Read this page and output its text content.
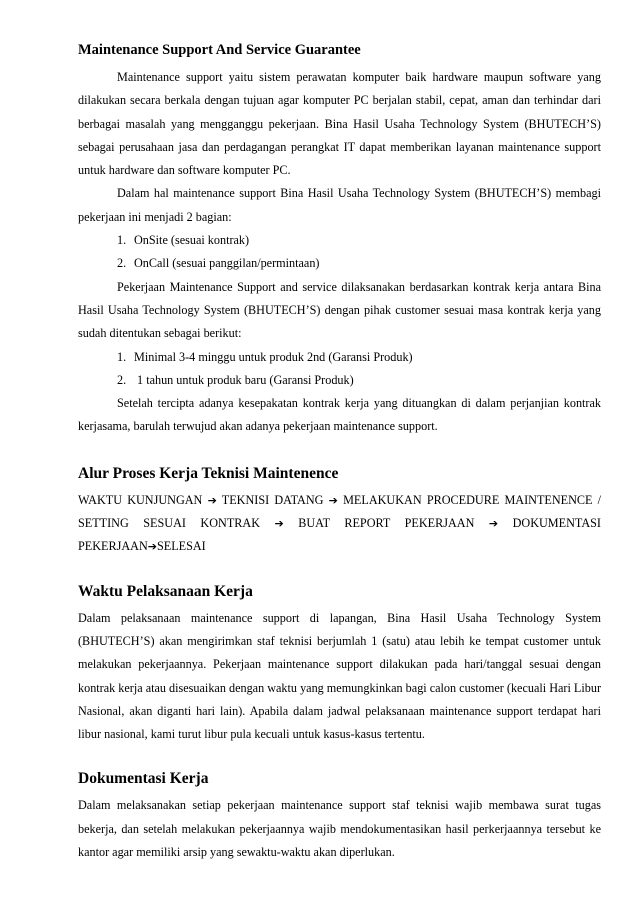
Maintenance Support And Service Guarantee

Maintenance support yaitu sistem perawatan komputer baik hardware maupun software yang dilakukan secara berkala dengan tujuan agar komputer PC berjalan stabil, cepat, aman dan terhindar dari berbagai masalah yang mengganggu pekerjaan. Bina Hasil Usaha Technology System (BHUTECH’S) sebagai perusahaan jasa dan perdagangan perangkat IT dapat memberikan layanan maintenance support untuk hardware dan software komputer PC.

Dalam hal maintenance support Bina Hasil Usaha Technology System (BHUTECH’S) membagi pekerjaan ini menjadi 2 bagian:

1. OnSite (sesuai kontrak)
2. OnCall (sesuai panggilan/permintaan)

Pekerjaan Maintenance Support and service dilaksanakan berdasarkan kontrak kerja antara Bina Hasil Usaha Technology System (BHUTECH’S) dengan pihak customer sesuai masa kontrak kerja yang sudah ditentukan sebagai berikut:

1. Minimal 3-4 minggu untuk produk 2nd (Garansi Produk)
2. 1 tahun untuk produk baru (Garansi Produk)

Setelah tercipta adanya kesepakatan kontrak kerja yang dituangkan di dalam perjanjian kontrak kerjasama, barulah terwujud akan adanya pekerjaan maintenance support.

Alur Proses Kerja Teknisi Maintenence
WAKTU KUNJUNGAN ➔ TEKNISI DATANG ➔ MELAKUKAN PROCEDURE MAINTENENCE / SETTING SESUAI KONTRAK ➔ BUAT REPORT PEKERJAAN ➔ DOKUMENTASI PEKERJAAN➔SELESAI
Waktu Pelaksanaan Kerja

Dalam pelaksanaan maintenance support di lapangan, Bina Hasil Usaha Technology System (BHUTECH’S) akan mengirimkan staf teknisi berjumlah 1 (satu) atau lebih ke tempat customer untuk melakukan pekerjaannya. Pekerjaan maintenance support dilakukan pada hari/tanggal sesuai dengan kontrak kerja atau disesuaikan dengan waktu yang memungkinkan bagi calon customer (kecuali Hari Libur Nasional, akan diganti hari lain). Apabila dalam jadwal pelaksanaan maintenance support terdapat hari libur nasional, kami turut libur pula kecuali untuk kasus-kasus tertentu.

Dokumentasi Kerja

Dalam melaksanakan setiap pekerjaan maintenance support staf teknisi wajib membawa surat tugas bekerja, dan setelah melakukan pekerjaannya wajib mendokumentasikan hasil perkerjaannya tersebut ke kantor agar memiliki arsip yang sewaktu-waktu akan diperlukan.
